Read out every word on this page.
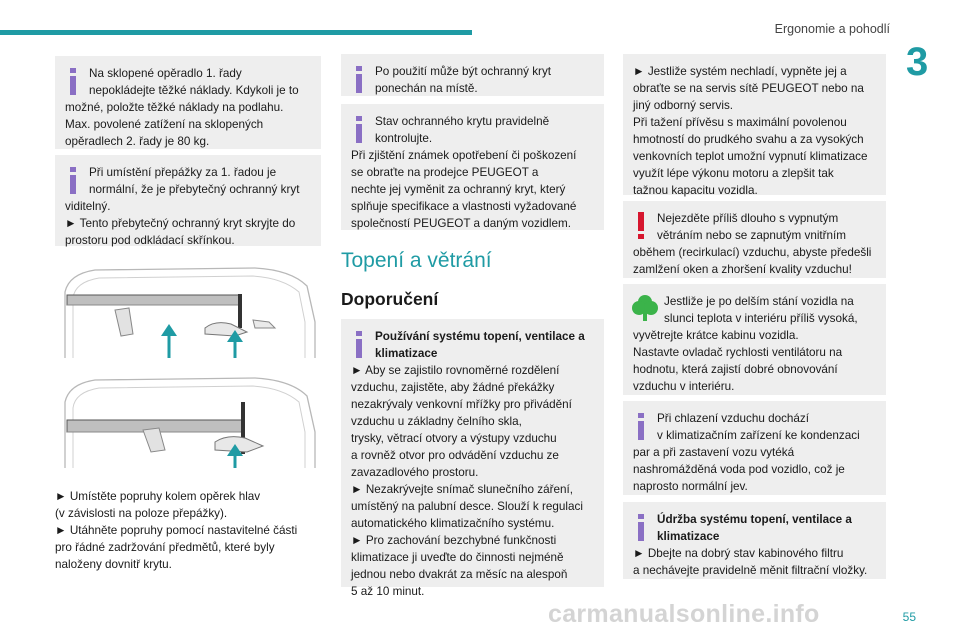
Ergonomie a pohodlí
3

Na sklopené opěradlo 1. řady

nepokládejte těžké náklady. Kdykoli je to

možné, položte těžké náklady na podlahu.

Max. povolené zatížení na sklopených

opěradlech 2. řady je 80 kg.

Při umístění přepážky za 1. řadou je

normální, že je přebytečný ochranný kryt

viditelný.

► Tento přebytečný ochranný kryt skryjte do

prostoru pod odkládací skřínkou.

► Umístěte popruhy kolem opěrek hlav

(v závislosti na poloze přepážky).

► Utáhněte popruhy pomocí nastavitelné části

pro řádné zadržování předmětů, které byly

naloženy dovnitř krytu.

Po použití může být ochranný kryt

ponechán na místě.

Stav ochranného krytu pravidelně

kontrolujte.

Při zjištění známek opotřebení či poškození

se obraťte na prodejce PEUGEOT a

nechte jej vyměnit za ochranný kryt, který

splňuje specifikace a vlastnosti vyžadované

společností PEUGEOT a daným vozidlem.

Topení a větrání
Doporučení

Používání systému topení, ventilace a

klimatizace

► Aby se zajistilo rovnoměrné rozdělení

vzduchu, zajistěte, aby žádné překážky

nezakrývaly venkovní mřížky pro přivádění

vzduchu u základny čelního skla,

trysky, větrací otvory a výstupy vzduchu

a rovněž otvor pro odvádění vzduchu ze

zavazadlového prostoru.

► Nezakrývejte snímač slunečního záření,

umístěný na palubní desce. Slouží k regulaci

automatického klimatizačního systému.

► Pro zachování bezchybné funkčnosti

klimatizace ji uveďte do činnosti nejméně

jednou nebo dvakrát za měsíc na alespoň

5 až 10 minut.

► Jestliže systém nechladí, vypněte jej a

obraťte se na servis sítě PEUGEOT nebo na

jiný odborný servis.

Při tažení přívěsu s maximální povolenou

hmotností do prudkého svahu a za vysokých

venkovních teplot umožní vypnutí klimatizace

využít lépe výkonu motoru a zlepšit tak

tažnou kapacitu vozidla.

Nejezděte příliš dlouho s vypnutým

větráním nebo se zapnutým vnitřním

oběhem (recirkulací) vzduchu, abyste předešli

zamlžení oken a zhoršení kvality vzduchu!

Jestliže je po delším stání vozidla na

slunci teplota v interiéru příliš vysoká,

vyvětrejte krátce kabinu vozidla.

Nastavte ovladač rychlosti ventilátoru na

hodnotu, která zajistí dobré obnovování

vzduchu v interiéru.

Při chlazení vzduchu dochází

v klimatizačním zařízení ke kondenzaci

par a při zastavení vozu vytéká

nashromážděná voda pod vozidlo, což je

naprosto normální jev.

Údržba systému topení, ventilace a

klimatizace

► Dbejte na dobrý stav kabinového filtru

a nechávejte pravidelně měnit filtrační vložky.

carmanualsonline.info	55
